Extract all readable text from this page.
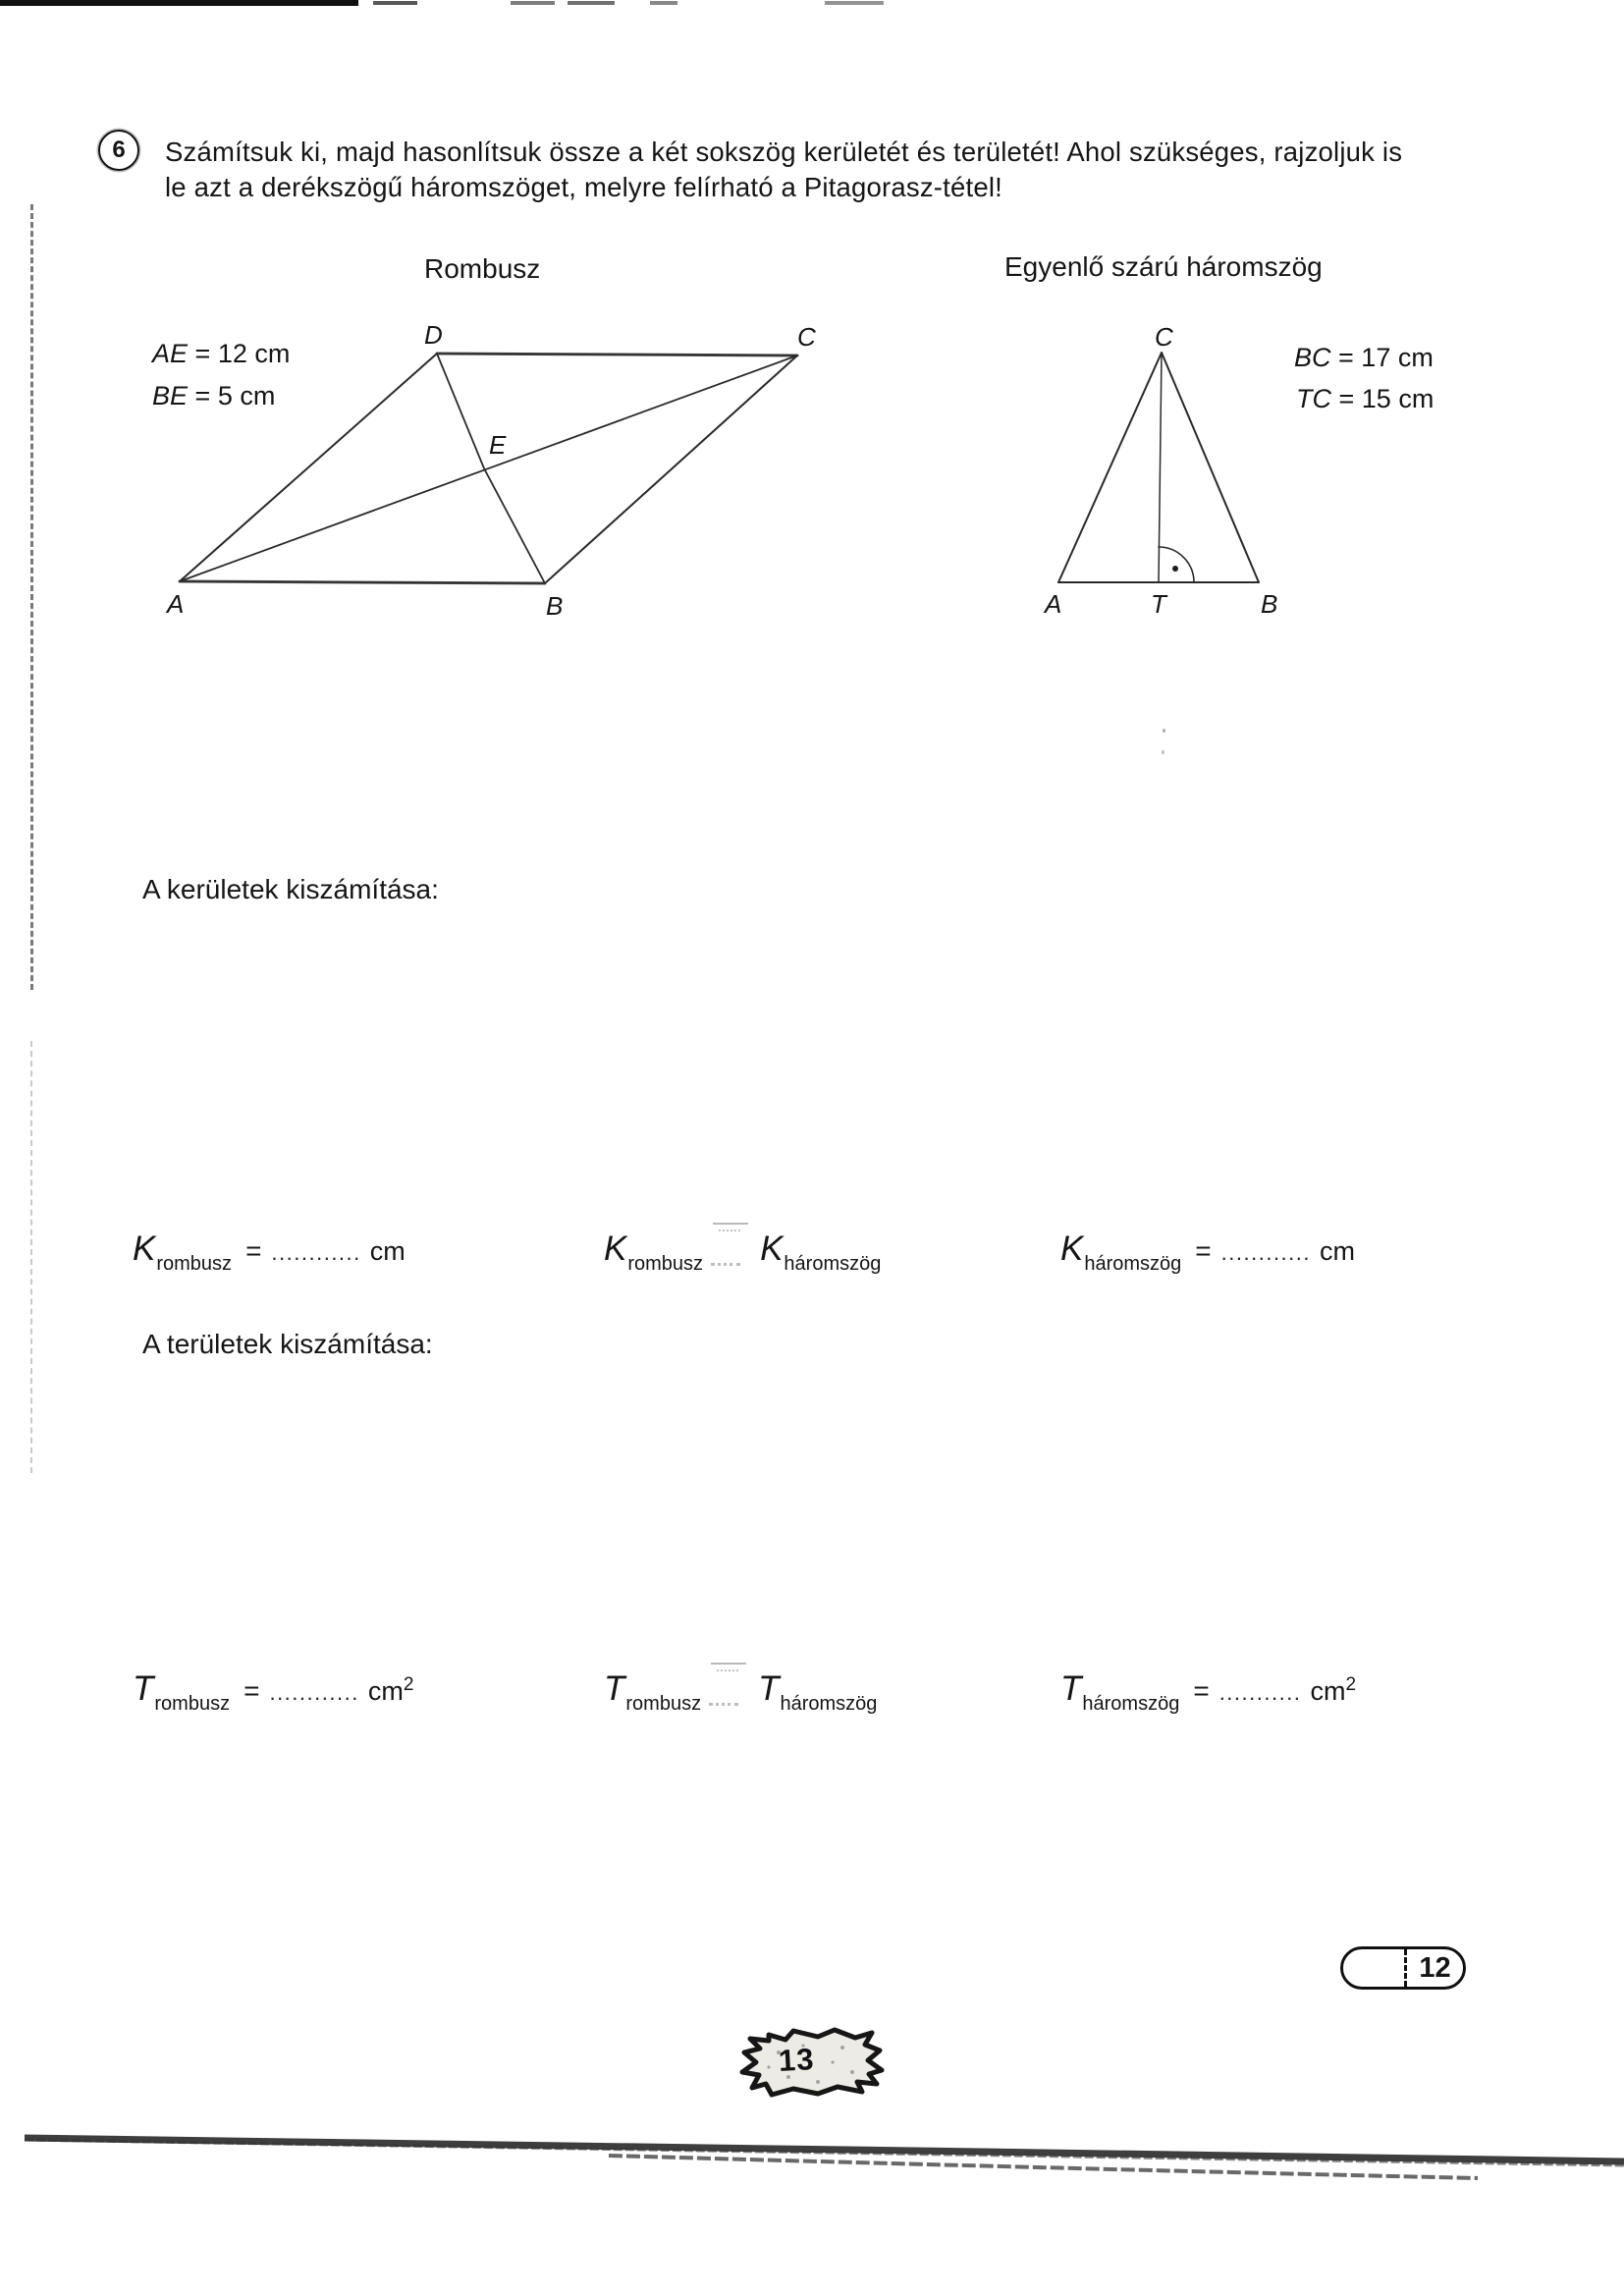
6 Számítsuk ki, majd hasonlítsuk össze a két sokszög kerületét és területét! Ahol szükséges, rajzoljuk is
le azt a derékszögű háromszöget, melyre felírható a Pitagorasz-tétel!
Rombusz	Egyenlő szárú háromszög
AE = 12 cm
BE = 5 cm
BC = 17 cm
TC = 15 cm
A	B
C
D
E
C
A	T	B
A kerületek kiszámítása:
K rombusz = ............ cm	K rombusz K háromszög	K háromszög = ............ cm
A területek kiszámítása:
T rombusz = ............ $cm^2$	T rombusz T háromszög	T háromszög = ........... $cm^2$
12
13
